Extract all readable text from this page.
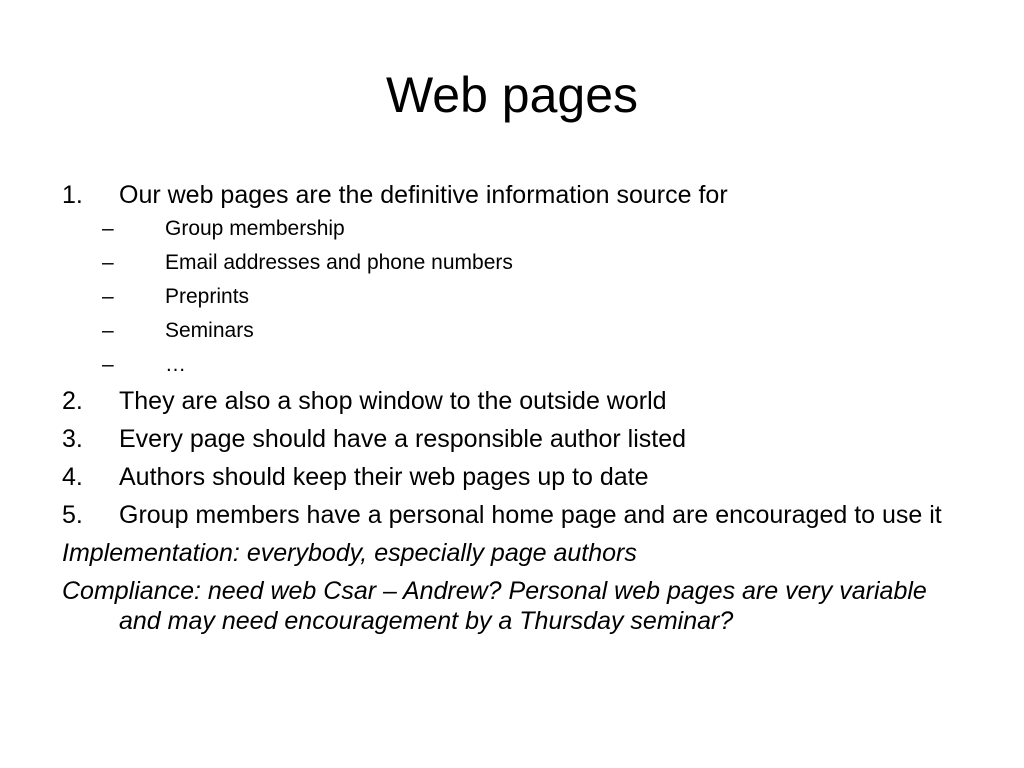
Web pages
1. Our web pages are the definitive information source for
– Group membership
– Email addresses and phone numbers
– Preprints
– Seminars
– …
2. They are also a shop window to the outside world
3. Every page should have a responsible author listed
4. Authors should keep their web pages up to date
5. Group members have a personal home page and are encouraged to use it
Implementation: everybody, especially page authors
Compliance: need web Csar – Andrew? Personal web pages are very variable and may need encouragement by a Thursday seminar?
